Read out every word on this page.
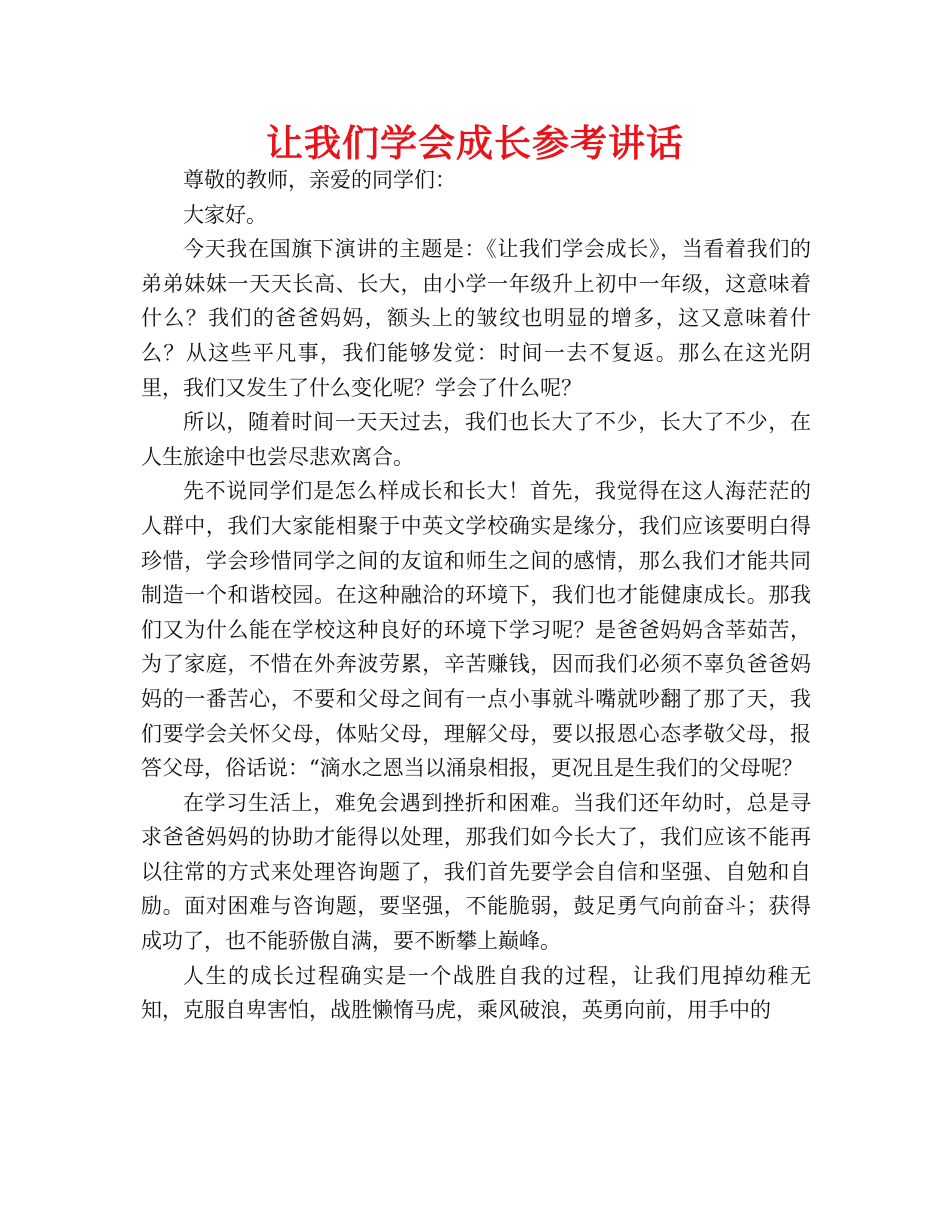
让我们学会成长参考讲话

尊敬的教师，亲爱的同学们：

大家好。

今天我在国旗下演讲的主题是：《让我们学会成长》，当看着我们的弟弟妹妹一天天长高、长大，由小学一年级升上初中一年级，这意味着什么？我们的爸爸妈妈，额头上的皱纹也明显的增多，这又意味着什么？从这些平凡事，我们能够发觉：时间一去不复返。那么在这光阴里，我们又发生了什么变化呢？学会了什么呢？

所以，随着时间一天天过去，我们也长大了不少，长大了不少，在人生旅途中也尝尽悲欢离合。

先不说同学们是怎么样成长和长大！首先，我觉得在这人海茫茫的人群中，我们大家能相聚于中英文学校确实是缘分，我们应该要明白得珍惜，学会珍惜同学之间的友谊和师生之间的感情，那么我们才能共同制造一个和谐校园。在这种融洽的环境下，我们也才能健康成长。那我们又为什么能在学校这种良好的环境下学习呢？是爸爸妈妈含莘茹苦，为了家庭，不惜在外奔波劳累，辛苦赚钱，因而我们必须不辜负爸爸妈妈的一番苦心，不要和父母之间有一点小事就斗嘴就吵翻了那了天，我们要学会关怀父母，体贴父母，理解父母，要以报恩心态孝敬父母，报答父母，俗话说：“滴水之恩当以涌泉相报，更况且是生我们的父母呢？

在学习生活上，难免会遇到挫折和困难。当我们还年幼时，总是寻求爸爸妈妈的协助才能得以处理，那我们如今长大了，我们应该不能再以往常的方式来处理咨询题了，我们首先要学会自信和坚强、自勉和自励。面对困难与咨询题，要坚强，不能脆弱，鼓足勇气向前奋斗；获得成功了，也不能骄傲自满，要不断攀上巅峰。

人生的成长过程确实是一个战胜自我的过程，让我们甩掉幼稚无知，克服自卑害怕，战胜懒惰马虎，乘风破浪，英勇向前，用手中的
